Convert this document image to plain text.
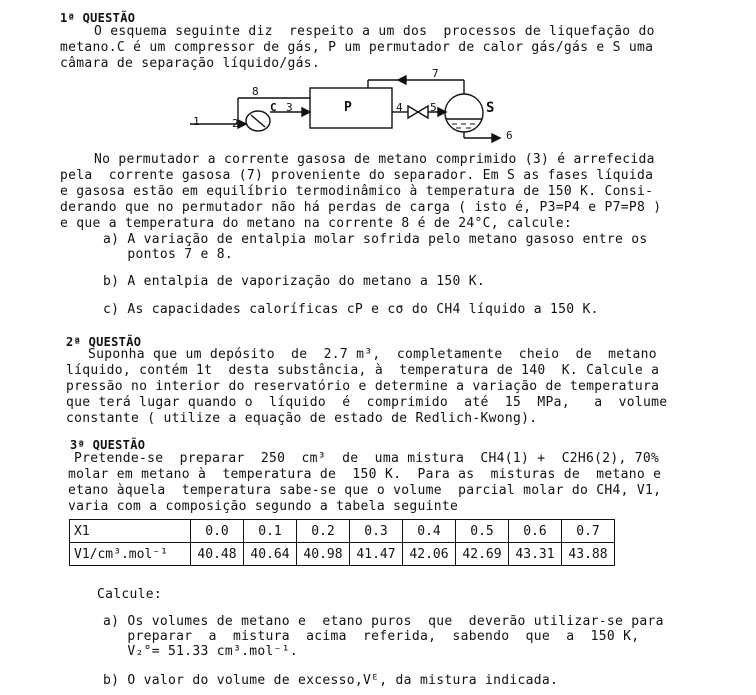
1ª QUESTÃO
O esquema seguinte diz  respeito a um dos  processos de liquefação do
metano.C é um compressor de gás, P um permutador de calor gás/gás e S uma
câmara de separação líquido/gás.
1	2
C 3	P	4 5	S
6
7
8
No permutador a corrente gasosa de metano comprimido (3) é arrefecida
pela  corrente gasosa (7) proveniente do separador. Em S as fases líquida
e gasosa estão em equilíbrio termodinâmico à temperatura de 150 K. Consi-
derando que no permutador não há perdas de carga ( isto é, P3=P4 e P7=P8 )
e que a temperatura do metano na corrente 8 é de 24°C, calcule:
a) A variação de entalpia molar sofrida pelo metano gasoso entre os
pontos 7 e 8.
b) A entalpia de vaporização do metano a 150 K.
c) As capacidades caloríficas cP e cσ do CH4 líquido a 150 K.
2ª QUESTÃO
Suponha que um depósito  de  2.7 m³,  completamente  cheio  de  metano
líquido, contém 1t  desta substância, à  temperatura de 140  K. Calcule a
pressão no interior do reservatório e determine a variação de temperatura
que terá lugar quando o  líquido  é  comprimido  até  15  MPa,   a  volume
constante ( utilize a equação de estado de Redlich-Kwong).
3ª QUESTÃO
Pretende-se  preparar  250  cm³  de  uma mistura  CH4(1) +  C2H6(2), 70%
molar em metano à  temperatura de  150 K.  Para as  misturas de  metano e
etano àquela  temperatura sabe-se que o volume  parcial molar do CH4, V1,
varia com a composição segundo a tabela seguinte
X1	0.0	0.1	0.2	0.3	0.4	0.5	0.6	0.7
V1/cm³.mol⁻¹	40.48	40.64	40.98	41.47	42.06	42.69	43.31	43.88
Calcule:
a) Os volumes de metano e  etano puros  que  deverão utilizar-se para
preparar  a  mistura  acima  referida,  sabendo  que  a  150 K,
V₂°= 51.33 cm³.mol⁻¹.
b) O valor do volume de excesso,Vᴱ, da mistura indicada.
